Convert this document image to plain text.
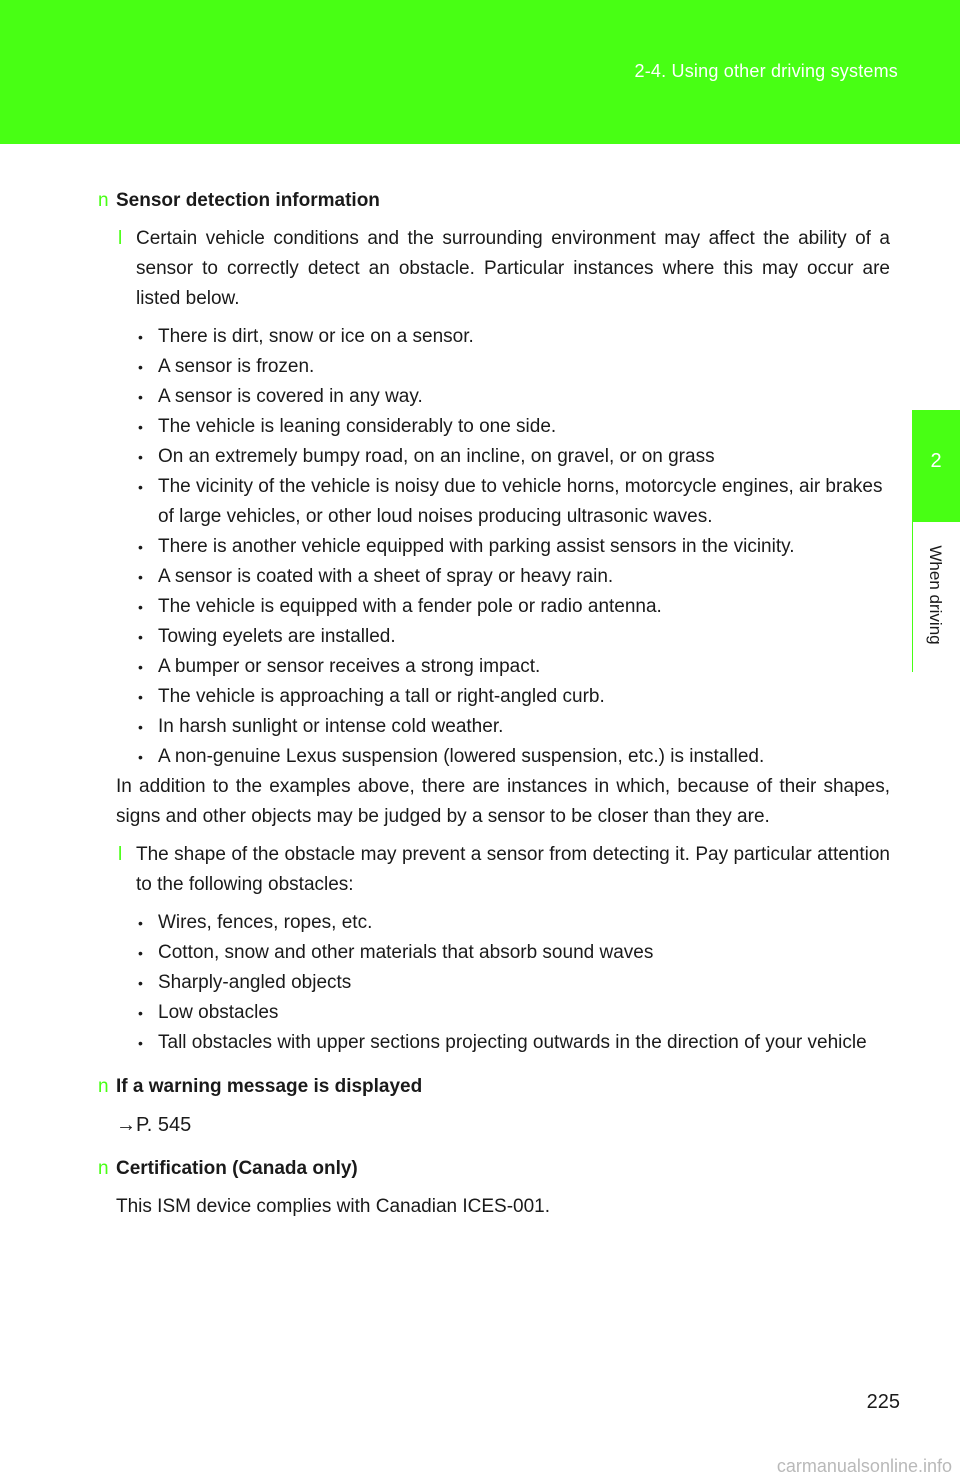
2-4. Using other driving systems
2
When driving
n Sensor detection information
l Certain vehicle conditions and the surrounding environment may affect the ability of a sensor to correctly detect an obstacle. Particular instances where this may occur are listed below.
• There is dirt, snow or ice on a sensor.
• A sensor is frozen.
• A sensor is covered in any way.
• The vehicle is leaning considerably to one side.
• On an extremely bumpy road, on an incline, on gravel, or on grass
• The vicinity of the vehicle is noisy due to vehicle horns, motorcycle engines, air brakes of large vehicles, or other loud noises producing ultrasonic waves.
• There is another vehicle equipped with parking assist sensors in the vicinity.
• A sensor is coated with a sheet of spray or heavy rain.
• The vehicle is equipped with a fender pole or radio antenna.
• Towing eyelets are installed.
• A bumper or sensor receives a strong impact.
• The vehicle is approaching a tall or right-angled curb.
• In harsh sunlight or intense cold weather.
• A non-genuine Lexus suspension (lowered suspension, etc.) is installed.
In addition to the examples above, there are instances in which, because of their shapes, signs and other objects may be judged by a sensor to be closer than they are.
l The shape of the obstacle may prevent a sensor from detecting it. Pay particular attention to the following obstacles:
• Wires, fences, ropes, etc.
• Cotton, snow and other materials that absorb sound waves
• Sharply-angled objects
• Low obstacles
• Tall obstacles with upper sections projecting outwards in the direction of your vehicle
n If a warning message is displayed
→P. 545
n Certification (Canada only)
This ISM device complies with Canadian ICES-001.
225
carmanualsonline.info
